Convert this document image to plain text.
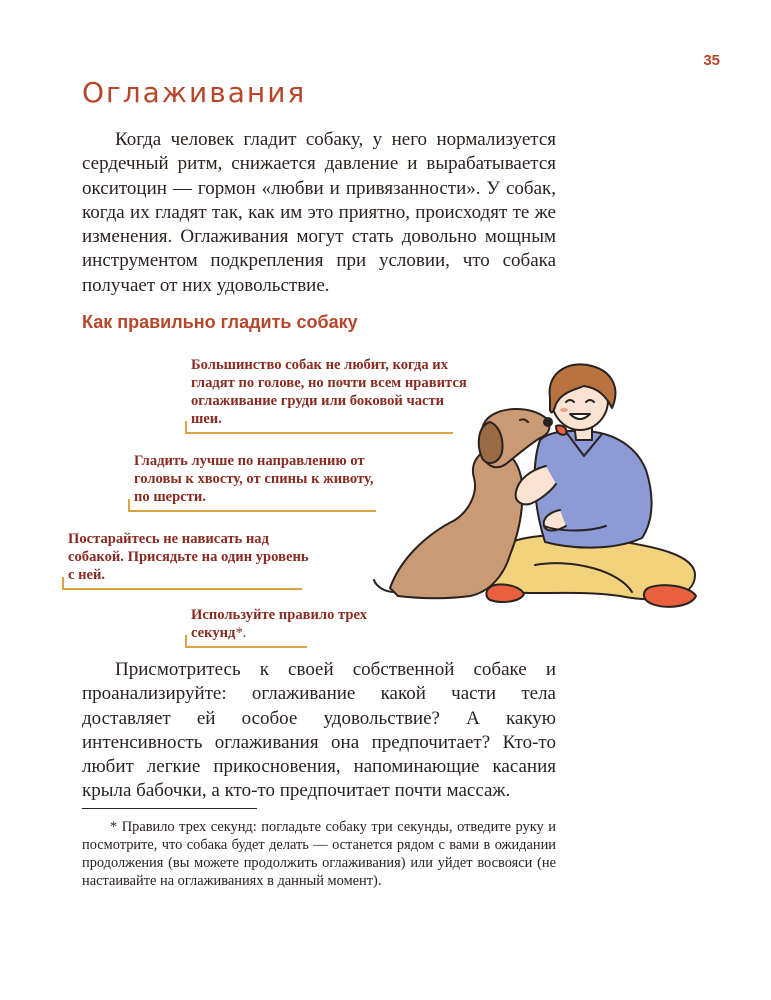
35
Оглаживания

Когда человек гладит собаку, у него нормализуется сердечный ритм, снижается давление и вырабатывается окситоцин — гормон «любви и привязанности». У собак, когда их гладят так, как им это приятно, происходят те же изменения. Оглаживания могут стать довольно мощным инструментом подкрепления при условии, что собака получает от них удовольствие.

Как правильно гладить собаку
Большинство собак не любит, когда их гладят по голове, но почти всем нравится оглаживание груди или боковой части шеи.
Гладить лучше по направлению от головы к хвосту, от спины к животу, по шерсти.
Постарайтесь не нависать над собакой. Присядьте на один уровень с ней.
Используйте правило трех секунд*.

Присмотритесь к своей собственной собаке и проанализируйте: оглаживание какой части тела доставляет ей особое удовольствие? А какую интенсивность оглаживания она предпочитает? Кто-то любит легкие прикосновения, напоминающие касания крыла бабочки, а кто-то предпочитает почти массаж.

* Правило трех секунд: погладьте собаку три секунды, отведите руку и посмотрите, что собака будет делать — останется рядом с вами в ожидании продолжения (вы можете продолжить оглаживания) или уйдет восвояси (не настаивайте на оглаживаниях в данный момент).
